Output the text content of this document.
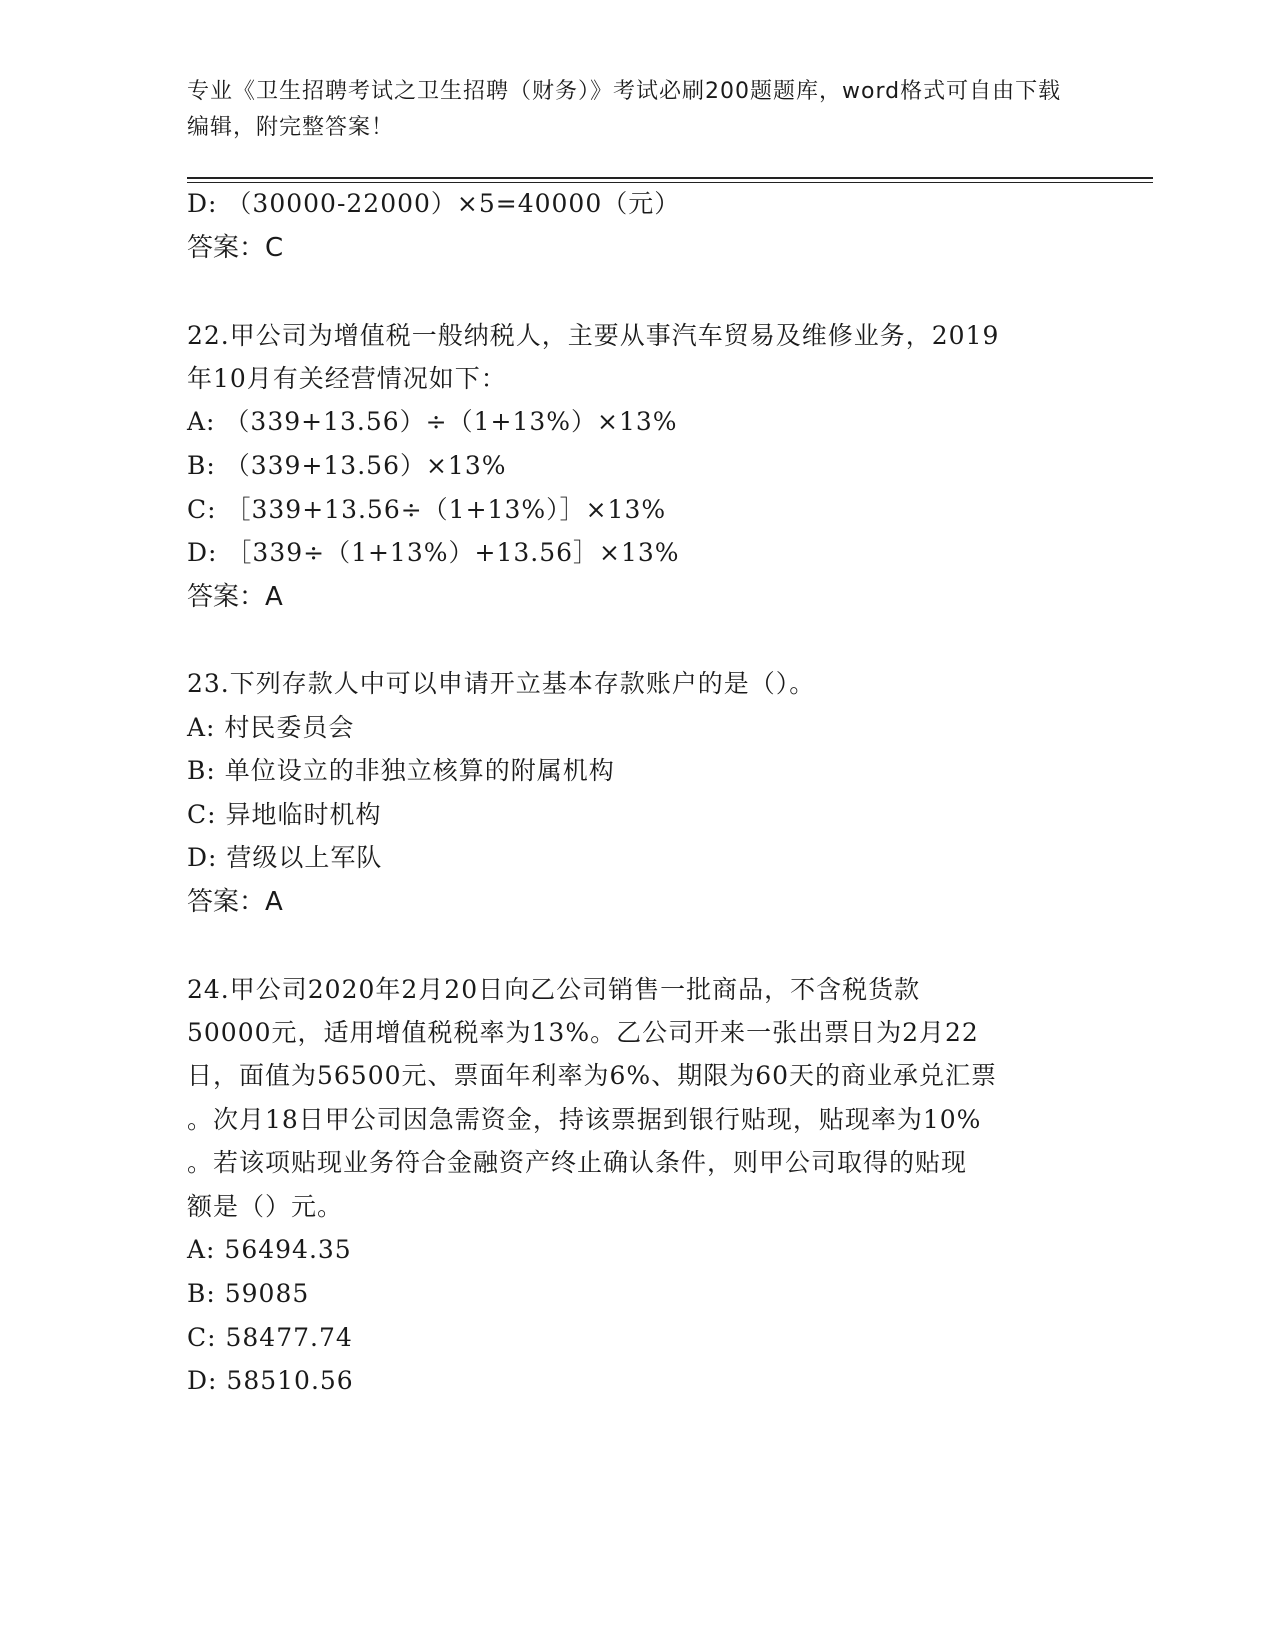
专业《卫生招聘考试之卫生招聘（财务）》考试必刷200题题库，word格式可自由下载编辑，附完整答案！
D: （30000-22000）×5=40000（元）
答案：C
22.甲公司为增值税一般纳税人，主要从事汽车贸易及维修业务，2019
年10月有关经营情况如下：
A: （339+13.56）÷（1+13%）×13%
B: （339+13.56）×13%
C: ［339+13.56÷（1+13%）］×13%
D: ［339÷（1+13%）+13.56］×13%
答案：A
23.下列存款人中可以申请开立基本存款账户的是（）。
A: 村民委员会
B: 单位设立的非独立核算的附属机构
C: 异地临时机构
D: 营级以上军队
答案：A
24.甲公司2020年2月20日向乙公司销售一批商品，不含税货款
50000元，适用增值税税率为13%。乙公司开来一张出票日为2月22
日，面值为56500元、票面年利率为6%、期限为60天的商业承兑汇票
。次月18日甲公司因急需资金，持该票据到银行贴现，贴现率为10%
。若该项贴现业务符合金融资产终止确认条件，则甲公司取得的贴现
额是（）元。
A: 56494.35
B: 59085
C: 58477.74
D: 58510.56
